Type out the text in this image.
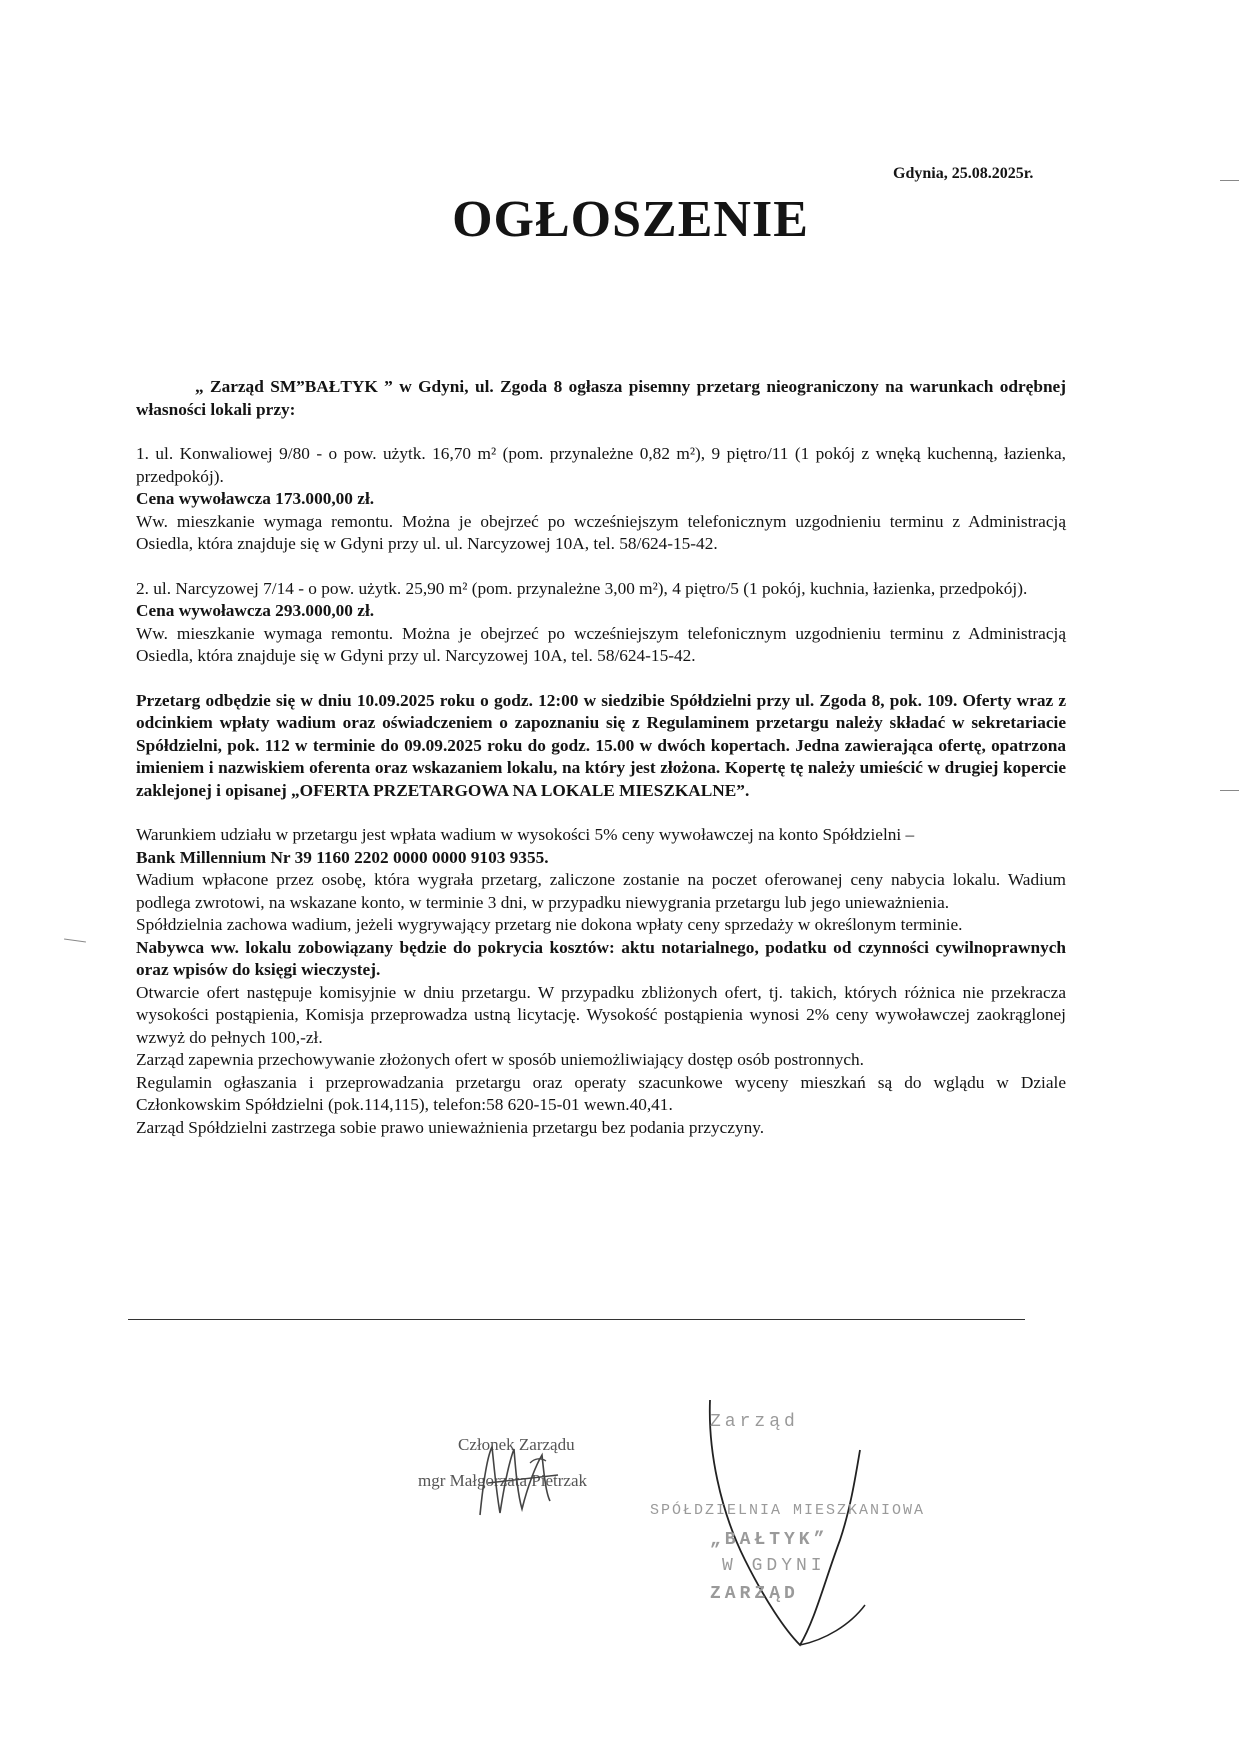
Gdynia, 25.08.2025r.
OGŁOSZENIE

„ Zarząd SM”BAŁTYK ” w Gdyni, ul. Zgoda 8 ogłasza pisemny przetarg nieograniczony na warunkach odrębnej własności lokali przy:

1. ul. Konwaliowej 9/80 - o pow. użytk. 16,70 m² (pom. przynależne 0,82 m²), 9 piętro/11 (1 pokój z wnęką kuchenną, łazienka, przedpokój).

Cena wywoławcza 173.000,00 zł.

Ww. mieszkanie wymaga remontu. Można je obejrzeć po wcześniejszym telefonicznym uzgodnieniu terminu z Administracją Osiedla, która znajduje się w Gdyni przy ul. ul. Narcyzowej 10A, tel. 58/624-15-42.

2. ul. Narcyzowej 7/14 - o pow. użytk. 25,90 m² (pom. przynależne 3,00 m²), 4 piętro/5 (1 pokój, kuchnia, łazienka, przedpokój).

Cena wywoławcza 293.000,00 zł.

Ww. mieszkanie wymaga remontu. Można je obejrzeć po wcześniejszym telefonicznym uzgodnieniu terminu z Administracją Osiedla, która znajduje się w Gdyni przy ul. Narcyzowej 10A, tel. 58/624-15-42.

Przetarg odbędzie się w dniu 10.09.2025 roku o godz. 12:00 w siedzibie Spółdzielni przy ul. Zgoda 8, pok. 109. Oferty wraz z odcinkiem wpłaty wadium oraz oświadczeniem o zapoznaniu się z Regulaminem przetargu należy składać w sekretariacie Spółdzielni, pok. 112 w terminie do 09.09.2025 roku do godz. 15.00 w dwóch kopertach. Jedna zawierająca ofertę, opatrzona imieniem i nazwiskiem oferenta oraz wskazaniem lokalu, na który jest złożona. Kopertę tę należy umieścić w drugiej kopercie zaklejonej i opisanej „OFERTA PRZETARGOWA NA LOKALE MIESZKALNE”.

Warunkiem udziału w przetargu jest wpłata wadium w wysokości 5% ceny wywoławczej na konto Spółdzielni –

Bank Millennium Nr 39 1160 2202 0000 0000 9103 9355.

Wadium wpłacone przez osobę, która wygrała przetarg, zaliczone zostanie na poczet oferowanej ceny nabycia lokalu. Wadium podlega zwrotowi, na wskazane konto, w terminie 3 dni, w przypadku niewygrania przetargu lub jego unieważnienia.

Spółdzielnia zachowa wadium, jeżeli wygrywający przetarg nie dokona wpłaty ceny sprzedaży w określonym terminie.

Nabywca ww. lokalu zobowiązany będzie do pokrycia kosztów: aktu notarialnego, podatku od czynności cywilnoprawnych oraz wpisów do księgi wieczystej.

Otwarcie ofert następuje komisyjnie w dniu przetargu. W przypadku zbliżonych ofert, tj. takich, których różnica nie przekracza wysokości postąpienia, Komisja przeprowadza ustną licytację. Wysokość postąpienia wynosi 2% ceny wywoławczej zaokrąglonej wzwyż do pełnych 100,-zł.

Zarząd zapewnia przechowywanie złożonych ofert w sposób uniemożliwiający dostęp osób postronnych.

Regulamin ogłaszania i przeprowadzania przetargu oraz operaty szacunkowe wyceny mieszkań są do wglądu w Dziale Członkowskim Spółdzielni (pok.114,115), telefon:58 620-15-01 wewn.40,41.

Zarząd Spółdzielni zastrzega sobie prawo unieważnienia przetargu bez podania przyczyny.

Członek Zarządu
mgr Małgorzata Pietrzak
Zarząd
SPÓŁDZIELNIA MIESZKANIOWA
„BAŁTYK”
W GDYNI
ZARZĄD
